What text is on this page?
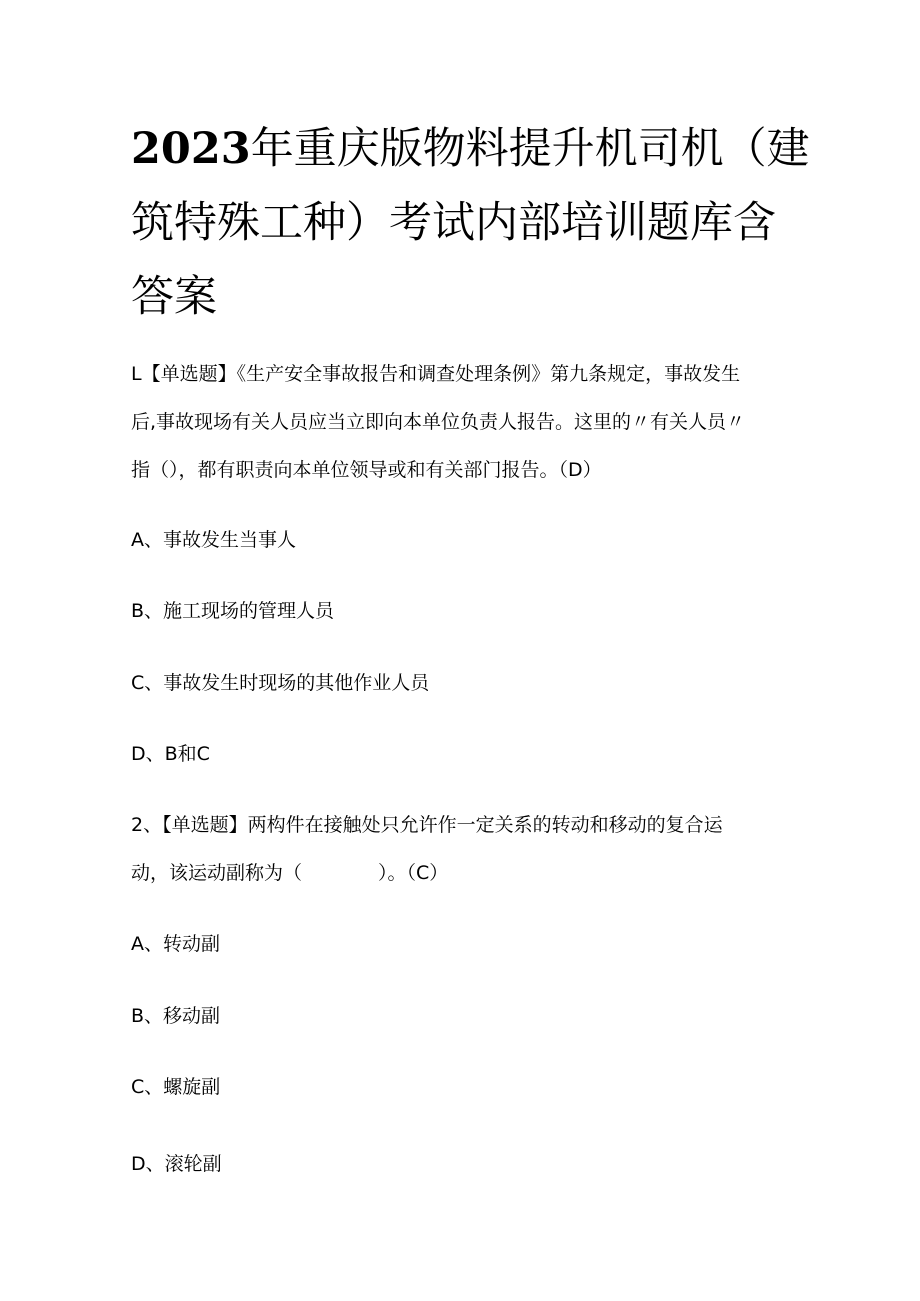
2023年重庆版物料提升机司机（建筑特殊工种）考试内部培训题库含答案

L【单选题】《生产安全事故报告和调查处理条例》第九条规定，事故发生

后,事故现场有关人员应当立即向本单位负责人报告。这里的〃有关人员〃

指（），都有职责向本单位领导或和有关部门报告。（D）

A、事故发生当事人

B、施工现场的管理人员

C、事故发生时现场的其他作业人员

D、B和C

2、【单选题】两构件在接触处只允许作一定关系的转动和移动的复合运

动，该运动副称为（　　　　）。（C）

A、转动副

B、移动副

C、螺旋副

D、滚轮副
